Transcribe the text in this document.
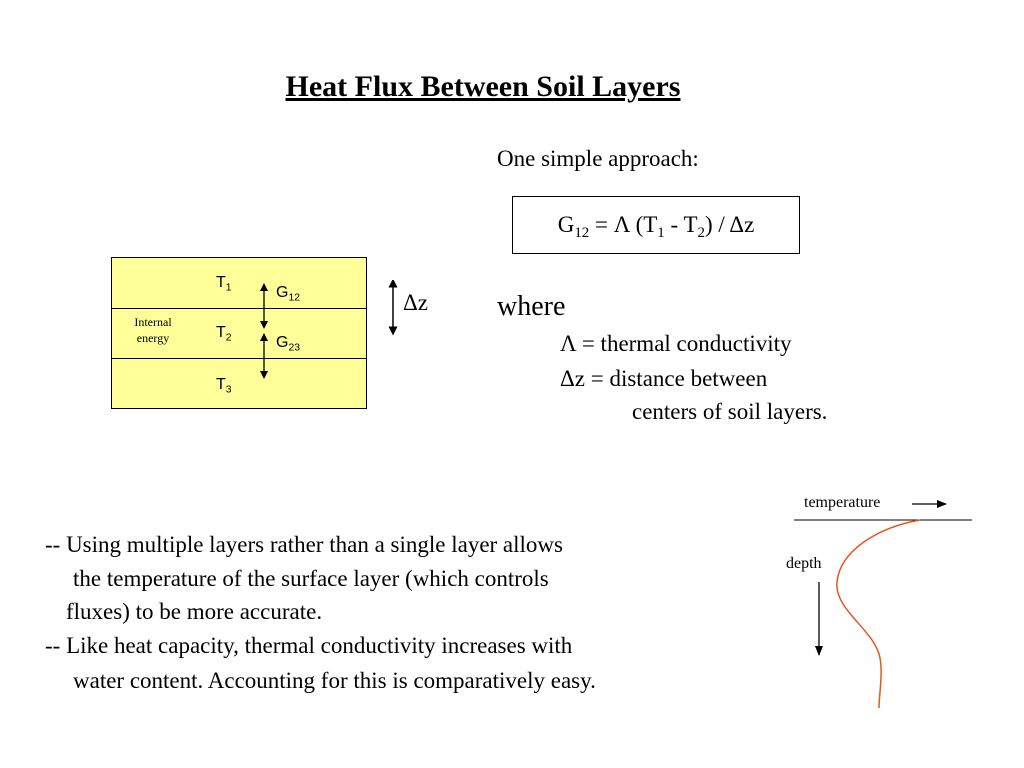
Heat Flux Between Soil Layers
One simple approach:
$G_{12} = \Lambda$ $(T_1 - T_2)$ / Δz
$T_1$
$T_2$
$T_3$
$G_{12}$
$G_{23}$
Internal
energy
Δz where
Λ = thermal conductivity
Δz = distance between
centers of soil layers.
temperature
depth
-- Using multiple layers rather than a single layer allows
the temperature of the surface layer (which controls
fluxes) to be more accurate.
-- Like heat capacity, thermal conductivity increases with
water content. Accounting for this is comparatively easy.
